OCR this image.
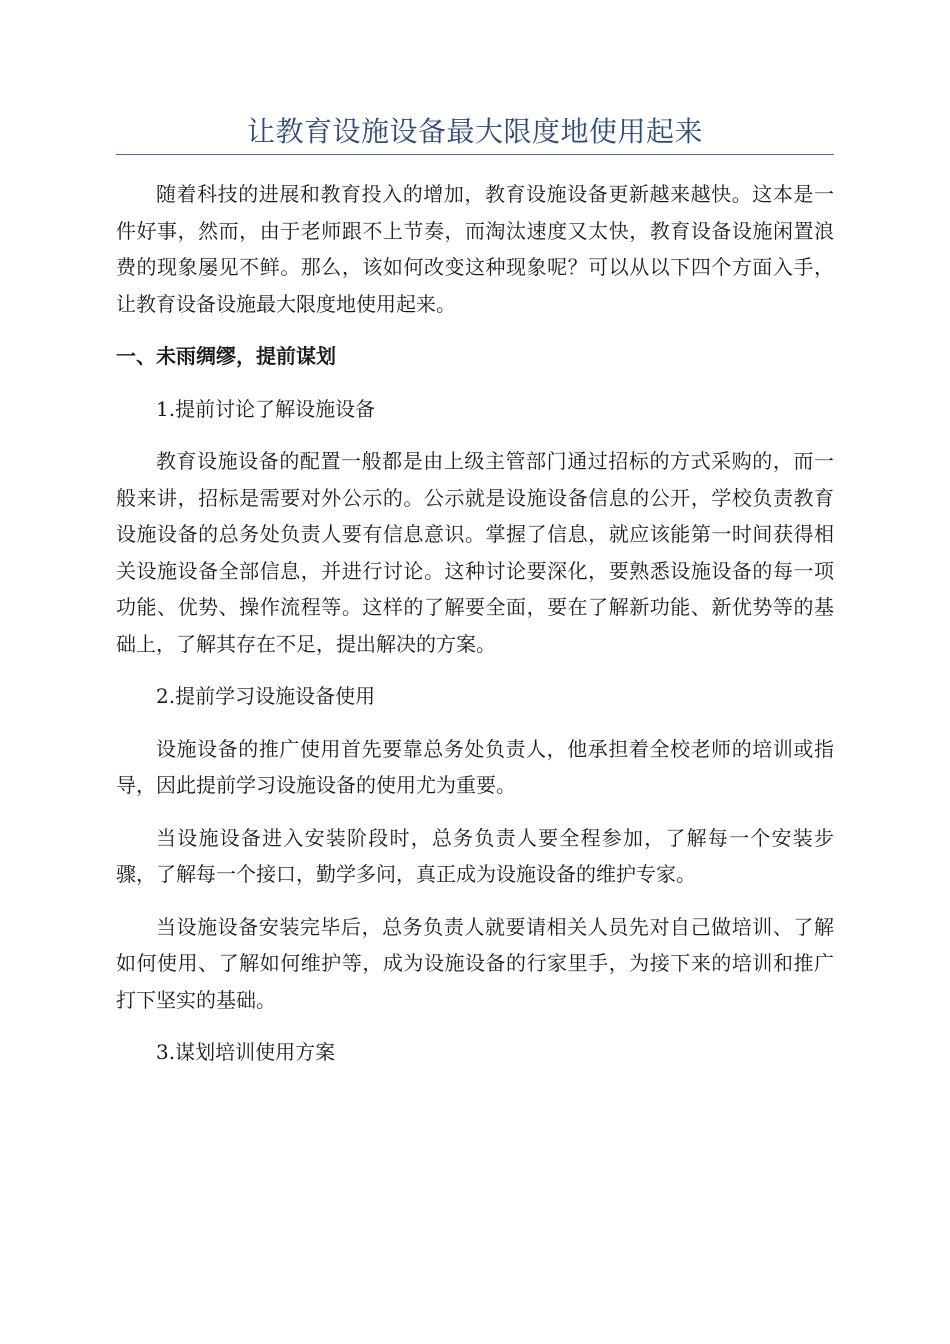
让教育设施设备最大限度地使用起来

随着科技的进展和教育投入的增加，教育设施设备更新越来越快。这本是一件好事，然而，由于老师跟不上节奏，而淘汰速度又太快，教育设备设施闲置浪费的现象屡见不鲜。那么，该如何改变这种现象呢？可以从以下四个方面入手，让教育设备设施最大限度地使用起来。

一、未雨绸缪，提前谋划

1.提前讨论了解设施设备

教育设施设备的配置一般都是由上级主管部门通过招标的方式采购的，而一般来讲，招标是需要对外公示的。公示就是设施设备信息的公开，学校负责教育设施设备的总务处负责人要有信息意识。掌握了信息，就应该能第一时间获得相关设施设备全部信息，并进行讨论。这种讨论要深化，要熟悉设施设备的每一项功能、优势、操作流程等。这样的了解要全面，要在了解新功能、新优势等的基础上，了解其存在不足，提出解决的方案。

2.提前学习设施设备使用

设施设备的推广使用首先要靠总务处负责人，他承担着全校老师的培训或指导，因此提前学习设施设备的使用尤为重要。

当设施设备进入安装阶段时，总务负责人要全程参加，了解每一个安装步骤，了解每一个接口，勤学多问，真正成为设施设备的维护专家。

当设施设备安装完毕后，总务负责人就要请相关人员先对自己做培训、了解如何使用、了解如何维护等，成为设施设备的行家里手，为接下来的培训和推广打下坚实的基础。

3.谋划培训使用方案
